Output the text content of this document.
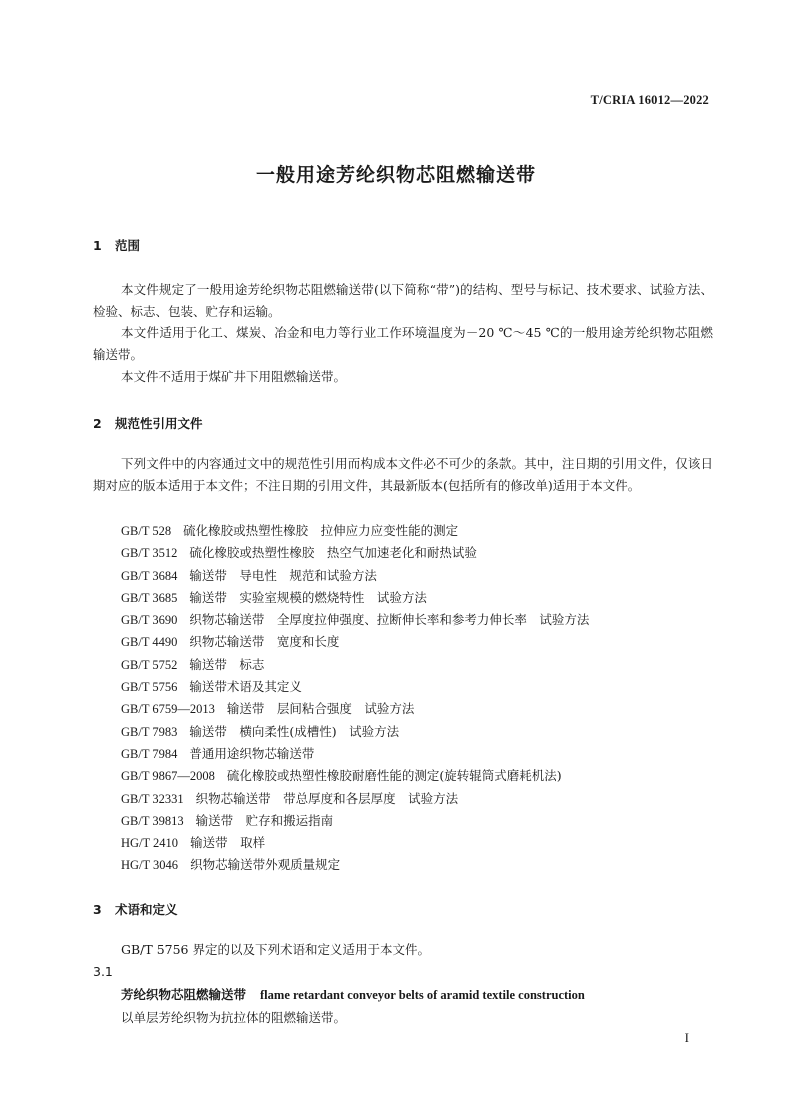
T/CRIA 16012—2022
一般用途芳纶织物芯阻燃输送带
1 范围
本文件规定了一般用途芳纶织物芯阻燃输送带(以下简称“带”)的结构、型号与标记、技术要求、试验方法、检验、标志、包装、贮存和运输。
本文件适用于化工、煤炭、冶金和电力等行业工作环境温度为－20 ℃～45 ℃的一般用途芳纶织物芯阻燃输送带。
本文件不适用于煤矿井下用阻燃输送带。
2 规范性引用文件
下列文件中的内容通过文中的规范性引用而构成本文件必不可少的条款。其中，注日期的引用文件，仅该日期对应的版本适用于本文件；不注日期的引用文件，其最新版本(包括所有的修改单)适用于本文件。
GB/T 528 硫化橡胶或热塑性橡胶　拉伸应力应变性能的测定
GB/T 3512 硫化橡胶或热塑性橡胶　热空气加速老化和耐热试验
GB/T 3684 输送带　导电性　规范和试验方法
GB/T 3685 输送带　实验室规模的燃烧特性　试验方法
GB/T 3690 织物芯输送带　全厚度拉伸强度、拉断伸长率和参考力伸长率　试验方法
GB/T 4490 织物芯输送带　宽度和长度
GB/T 5752 输送带　标志
GB/T 5756 输送带术语及其定义
GB/T 6759—2013 输送带　层间粘合强度　试验方法
GB/T 7983 输送带　横向柔性(成槽性)　试验方法
GB/T 7984 普通用途织物芯输送带
GB/T 9867—2008 硫化橡胶或热塑性橡胶耐磨性能的测定(旋转辊筒式磨耗机法)
GB/T 32331 织物芯输送带　带总厚度和各层厚度　试验方法
GB/T 39813 输送带　贮存和搬运指南
HG/T 2410 输送带　取样
HG/T 3046 织物芯输送带外观质量规定
3 术语和定义
GB/T 5756 界定的以及下列术语和定义适用于本文件。
3.1
芳纶织物芯阻燃输送带 flame retardant conveyor belts of aramid textile construction
以单层芳纶织物为抗拉体的阻燃输送带。
I
